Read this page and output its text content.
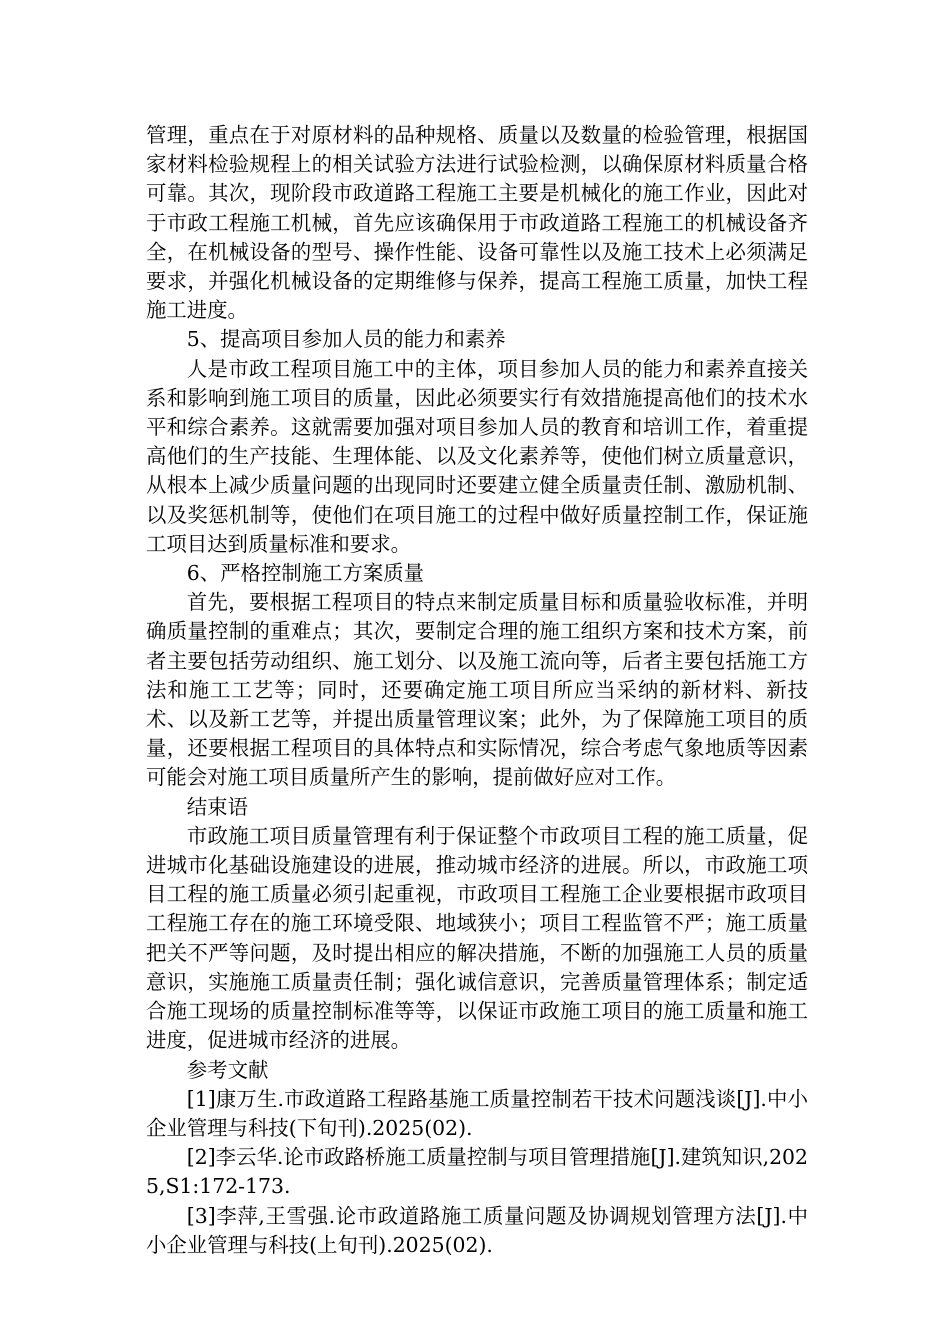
管理，重点在于对原材料的品种规格、质量以及数量的检验管理，根据国家材料检验规程上的相关试验方法进行试验检测，以确保原材料质量合格可靠。其次，现阶段市政道路工程施工主要是机械化的施工作业，因此对于市政工程施工机械，首先应该确保用于市政道路工程施工的机械设备齐全，在机械设备的型号、操作性能、设备可靠性以及施工技术上必须满足要求，并强化机械设备的定期维修与保养，提高工程施工质量，加快工程施工进度。

5、提高项目参加人员的能力和素养

人是市政工程项目施工中的主体，项目参加人员的能力和素养直接关系和影响到施工项目的质量，因此必须要实行有效措施提高他们的技术水平和综合素养。这就需要加强对项目参加人员的教育和培训工作，着重提高他们的生产技能、生理体能、以及文化素养等，使他们树立质量意识，从根本上减少质量问题的出现同时还要建立健全质量责任制、激励机制、以及奖惩机制等，使他们在项目施工的过程中做好质量控制工作，保证施工项目达到质量标准和要求。

6、严格控制施工方案质量

首先，要根据工程项目的特点来制定质量目标和质量验收标准，并明确质量控制的重难点；其次，要制定合理的施工组织方案和技术方案，前者主要包括劳动组织、施工划分、以及施工流向等，后者主要包括施工方法和施工工艺等；同时，还要确定施工项目所应当采纳的新材料、新技术、以及新工艺等，并提出质量管理议案；此外，为了保障施工项目的质量，还要根据工程项目的具体特点和实际情况，综合考虑气象地质等因素可能会对施工项目质量所产生的影响，提前做好应对工作。

结束语

市政施工项目质量管理有利于保证整个市政项目工程的施工质量，促进城市化基础设施建设的进展，推动城市经济的进展。所以，市政施工项目工程的施工质量必须引起重视，市政项目工程施工企业要根据市政项目工程施工存在的施工环境受限、地域狭小；项目工程监管不严；施工质量把关不严等问题，及时提出相应的解决措施，不断的加强施工人员的质量意识，实施施工质量责任制；强化诚信意识，完善质量管理体系；制定适合施工现场的质量控制标准等等，以保证市政施工项目的施工质量和施工进度，促进城市经济的进展。

参考文献

[1]康万生.市政道路工程路基施工质量控制若干技术问题浅谈[J].中小企业管理与科技(下旬刊).2025(02).

[2]李云华.论市政路桥施工质量控制与项目管理措施[J].建筑知识,2025,S1:172-173.

[3]李萍,王雪强.论市政道路施工质量问题及协调规划管理方法[J].中小企业管理与科技(上旬刊).2025(02).
